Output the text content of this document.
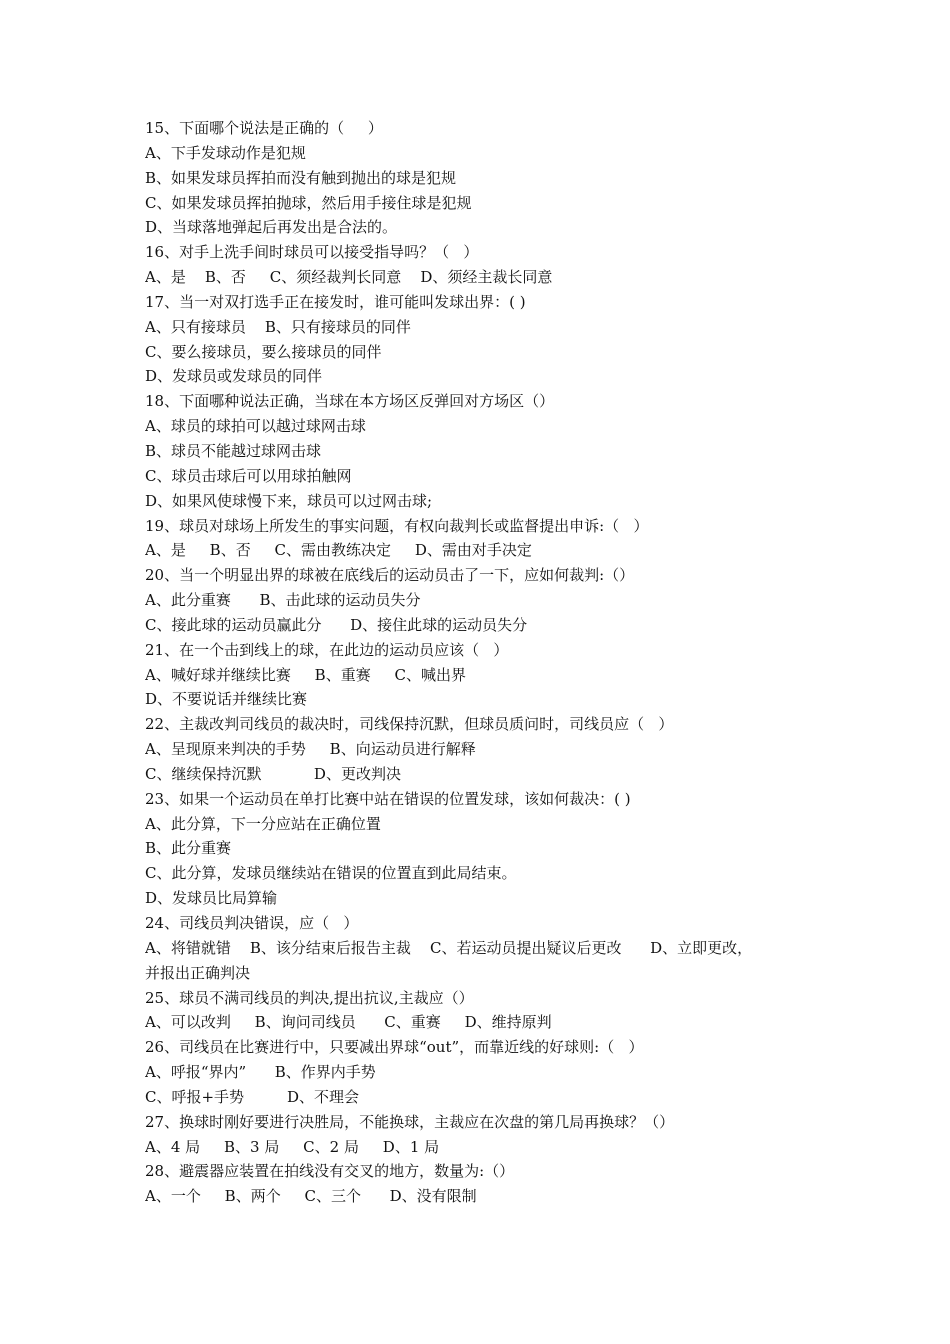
15、下面哪个说法是正确的（     ）
A、下手发球动作是犯规
B、如果发球员挥拍而没有触到抛出的球是犯规
C、如果发球员挥拍抛球，然后用手接住球是犯规
D、当球落地弹起后再发出是合法的。
16、对手上洗手间时球员可以接受指导吗？（   ）
A、是    B、否     C、须经裁判长同意    D、须经主裁长同意
17、当一对双打选手正在接发时，谁可能叫发球出界：( )
A、只有接球员    B、只有接球员的同伴
C、要么接球员，要么接球员的同伴
D、发球员或发球员的同伴
18、下面哪种说法正确，当球在本方场区反弹回对方场区（）
A、球员的球拍可以越过球网击球
B、球员不能越过球网击球
C、球员击球后可以用球拍触网
D、如果风使球慢下来，球员可以过网击球;
19、球员对球场上所发生的事实问题，有权向裁判长或监督提出申诉:（   ）
A、是     B、否     C、需由教练决定     D、需由对手决定
20、当一个明显出界的球被在底线后的运动员击了一下，应如何裁判:（）
A、此分重赛      B、击此球的运动员失分
C、接此球的运动员赢此分      D、接住此球的运动员失分
21、在一个击到线上的球，在此边的运动员应该（   ）
A、喊好球并继续比赛     B、重赛     C、喊出界
D、不要说话并继续比赛
22、主裁改判司线员的裁决时，司线保持沉默，但球员质问时，司线员应（   ）
A、呈现原来判决的手势     B、向运动员进行解释
C、继续保持沉默           D、更改判决
23、如果一个运动员在单打比赛中站在错误的位置发球，该如何裁决：( )
A、此分算，下一分应站在正确位置
B、此分重赛
C、此分算，发球员继续站在错误的位置直到此局结束。
D、发球员比局算输
24、司线员判决错误，应（   ）
A、将错就错    B、该分结束后报告主裁    C、若运动员提出疑议后更改      D、立即更改，
并报出正确判决
25、球员不满司线员的判决,提出抗议,主裁应（）
A、可以改判     B、询问司线员      C、重赛     D、维持原判
26、司线员在比赛进行中，只要减出界球“out”，而靠近线的好球则:（   ）
A、呼报“界内”      B、作界内手势
C、呼报+手势         D、不理会
27、换球时刚好要进行决胜局，不能换球，主裁应在次盘的第几局再换球？（）
A、4 局     B、3 局     C、2 局     D、1 局
28、避震器应装置在拍线没有交叉的地方，数量为:（）
A、一个     B、两个     C、三个      D、没有限制
